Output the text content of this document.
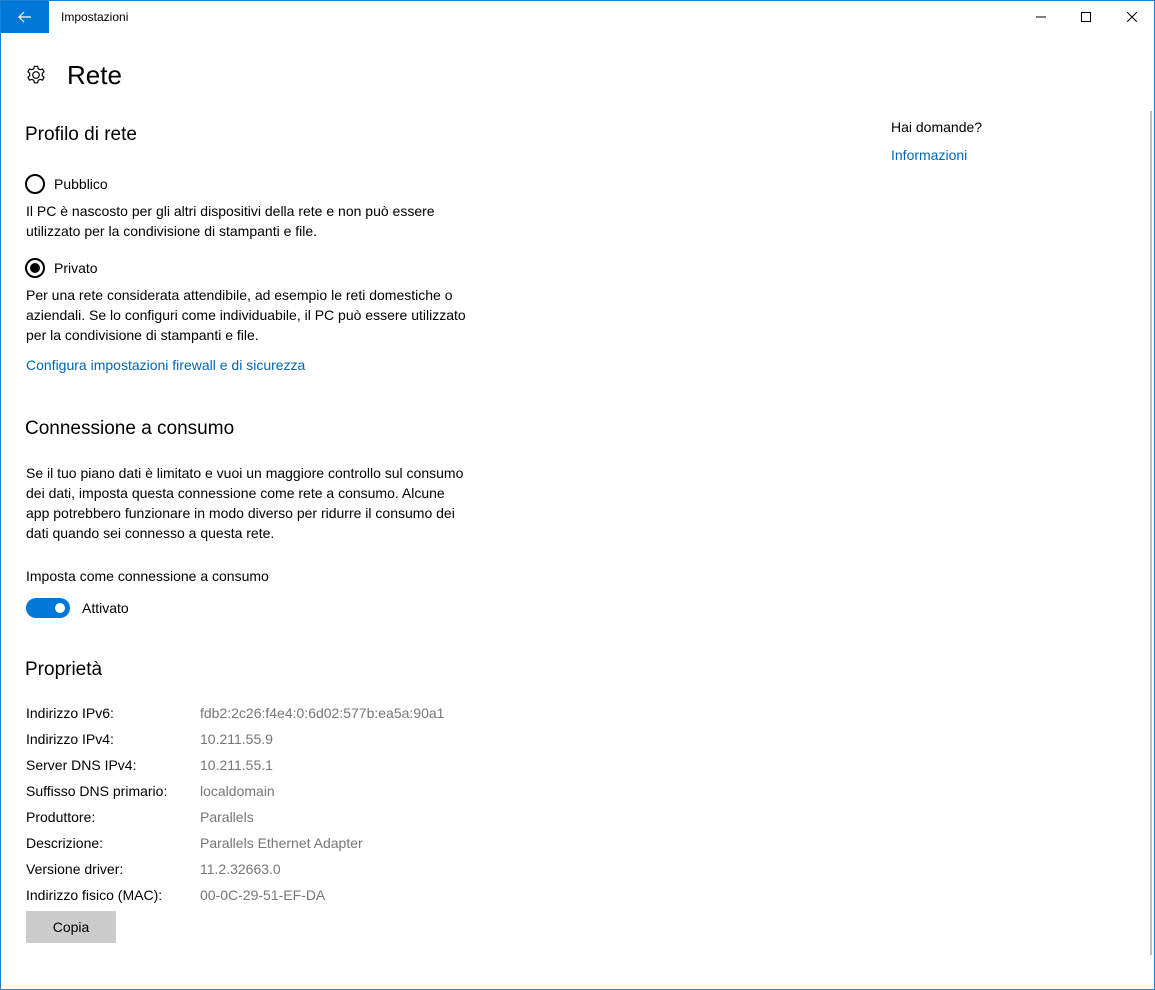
Impostazioni
Rete
Profilo di rete
Pubblico

Il PC è nascosto per gli altri dispositivi della rete e non può essere utilizzato per la condivisione di stampanti e file.

Privato

Per una rete considerata attendibile, ad esempio le reti domestiche o aziendali. Se lo configuri come individuabile, il PC può essere utilizzato per la condivisione di stampanti e file.

Configura impostazioni firewall e di sicurezza
Connessione a consumo

Se il tuo piano dati è limitato e vuoi un maggiore controllo sul consumo dei dati, imposta questa connessione come rete a consumo. Alcune app potrebbero funzionare in modo diverso per ridurre il consumo dei dati quando sei connesso a questa rete.

Imposta come connessione a consumo
Attivato
Proprietà
Indirizzo IPv6:	fdb2:2c26:f4e4:0:6d02:577b:ea5a:90a1
Indirizzo IPv4:	10.211.55.9
Server DNS IPv4:	10.211.55.1
Suffisso DNS primario:	localdomain
Produttore:	Parallels
Descrizione:	Parallels Ethernet Adapter
Versione driver:	11.2.32663.0
Indirizzo fisico (MAC):	00-0C-29-51-EF-DA
Copia
Hai domande?
Informazioni
